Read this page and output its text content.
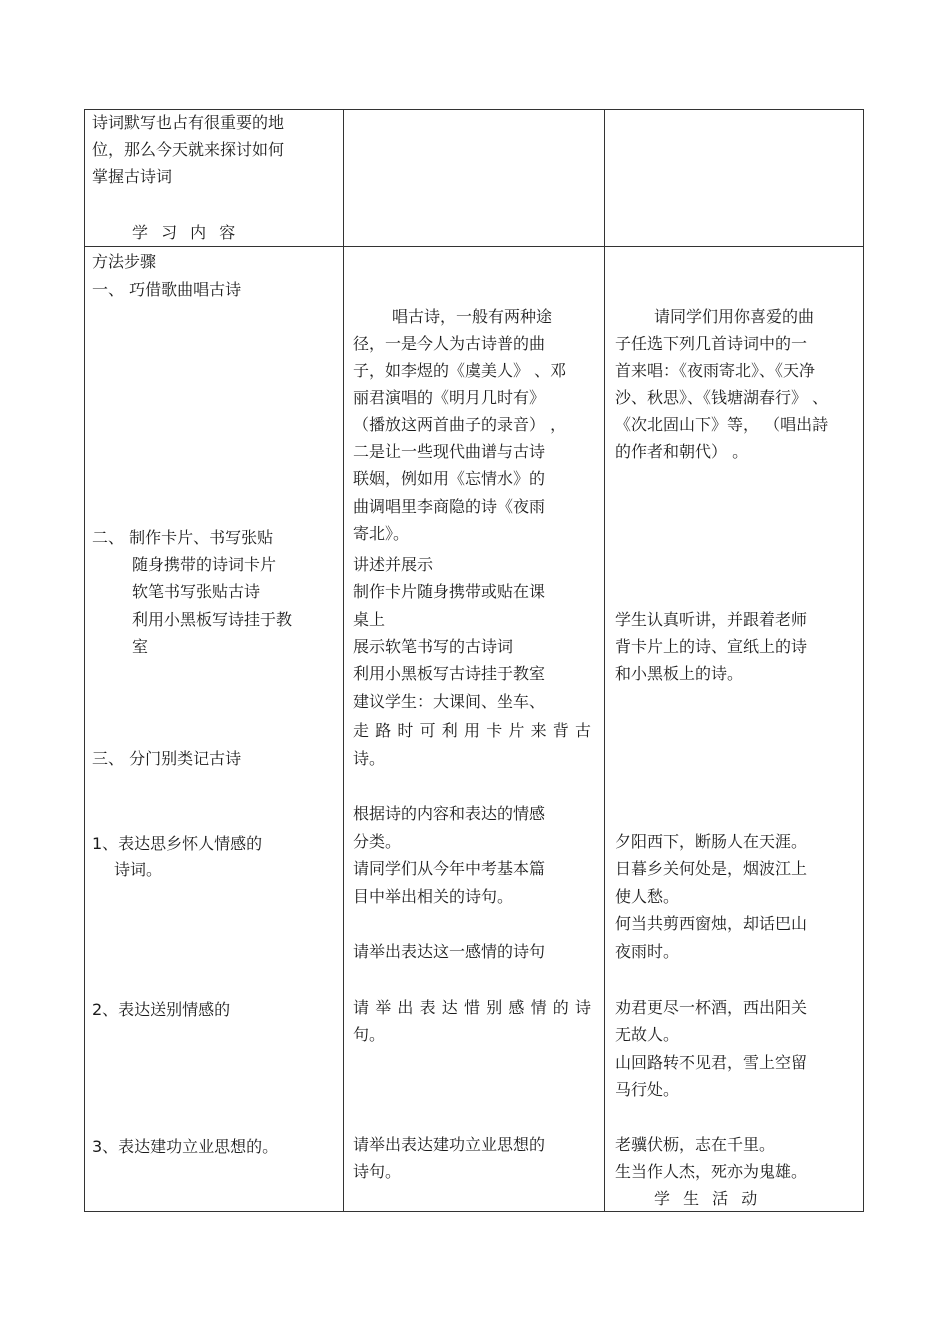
诗词默写也占有很重要的地
位，那么今天就来探讨如何
掌握古诗词
学 习 内 容
方法步骤
一、 巧借歌曲唱古诗
二、 制作卡片、书写张贴
随身携带的诗词卡片
软笔书写张贴古诗
利用小黑板写诗挂于教
室
三、 分门别类记古诗
1、表达思乡怀人情感的
诗词。
2、表达送别情感的
3、表达建功立业思想的。
唱古诗，一般有两种途
径，一是今人为古诗普的曲
子，如李煜的《虞美人》 、邓
丽君演唱的《明月几时有》
（播放这两首曲子的录音） ，
二是让一些现代曲谱与古诗
联姻，例如用《忘情水》的
曲调唱里李商隐的诗《夜雨
寄北》。
讲述并展示
制作卡片随身携带或贴在课
桌上
展示软笔书写的古诗词
利用小黑板写古诗挂于教室
建议学生：大课间、坐车、
走路时可利用卡片来背古
诗。
根据诗的内容和表达的情感
分类。
请同学们从今年中考基本篇
目中举出相关的诗句。
请举出表达这一感情的诗句
请举出表达惜别感情的诗
句。
请举出表达建功立业思想的
诗句。
请同学们用你喜爱的曲
子任选下列几首诗词中的一
首来唱：《夜雨寄北》、《天净
沙、秋思》、《钱塘湖春行》 、
《次北固山下》等， （唱出詩
的作者和朝代） 。
学生认真听讲，并跟着老师
背卡片上的诗、宣纸上的诗
和小黑板上的诗。
夕阳西下，断肠人在天涯。
日暮乡关何处是，烟波江上
使人愁。
何当共剪西窗烛，却话巴山
夜雨时。
劝君更尽一杯酒，西出阳关
无故人。
山回路转不见君，雪上空留
马行处。
老骥伏枥，志在千里。
生当作人杰，死亦为鬼雄。
学 生 活 动
